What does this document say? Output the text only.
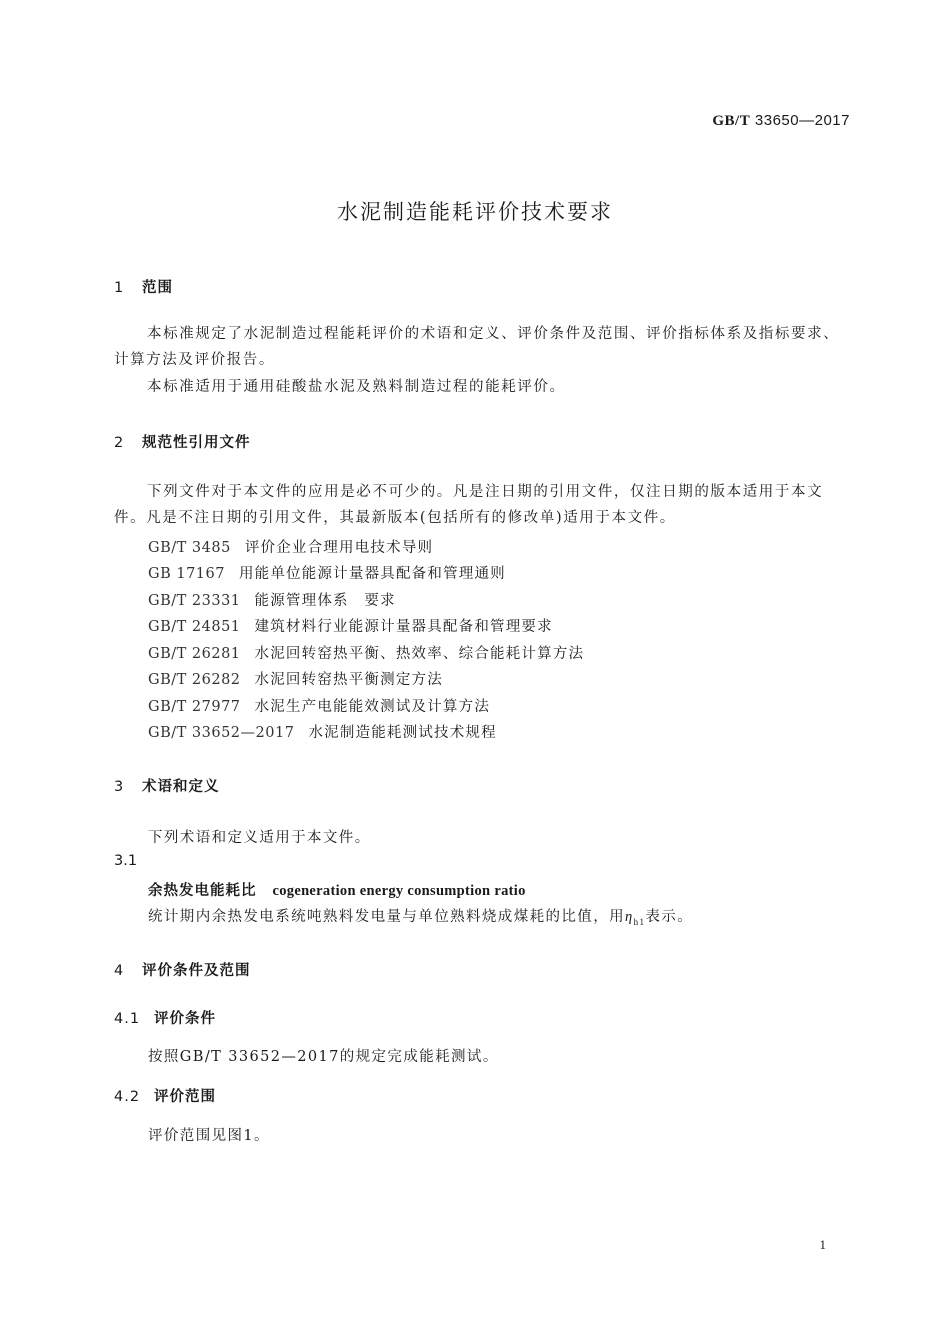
GB/T 33650—2017
水泥制造能耗评价技术要求
1 范围
本标准规定了水泥制造过程能耗评价的术语和定义、评价条件及范围、评价指标体系及指标要求、计算方法及评价报告。
本标准适用于通用硅酸盐水泥及熟料制造过程的能耗评价。
2 规范性引用文件
下列文件对于本文件的应用是必不可少的。凡是注日期的引用文件，仅注日期的版本适用于本文件。凡是不注日期的引用文件，其最新版本(包括所有的修改单)适用于本文件。
GB/T 3485 评价企业合理用电技术导则
GB 17167 用能单位能源计量器具配备和管理通则
GB/T 23331 能源管理体系　要求
GB/T 24851 建筑材料行业能源计量器具配备和管理要求
GB/T 26281 水泥回转窑热平衡、热效率、综合能耗计算方法
GB/T 26282 水泥回转窑热平衡测定方法
GB/T 27977 水泥生产电能能效测试及计算方法
GB/T 33652—2017 水泥制造能耗测试技术规程
3 术语和定义
下列术语和定义适用于本文件。
3.1
余热发电能耗比 cogeneration energy consumption ratio
统计期内余热发电系统吨熟料发电量与单位熟料烧成煤耗的比值，用$\eta_{h1}$表示。
4 评价条件及范围
4.1 评价条件
按照GB/T 33652—2017的规定完成能耗测试。
4.2 评价范围
评价范围见图1。
1
